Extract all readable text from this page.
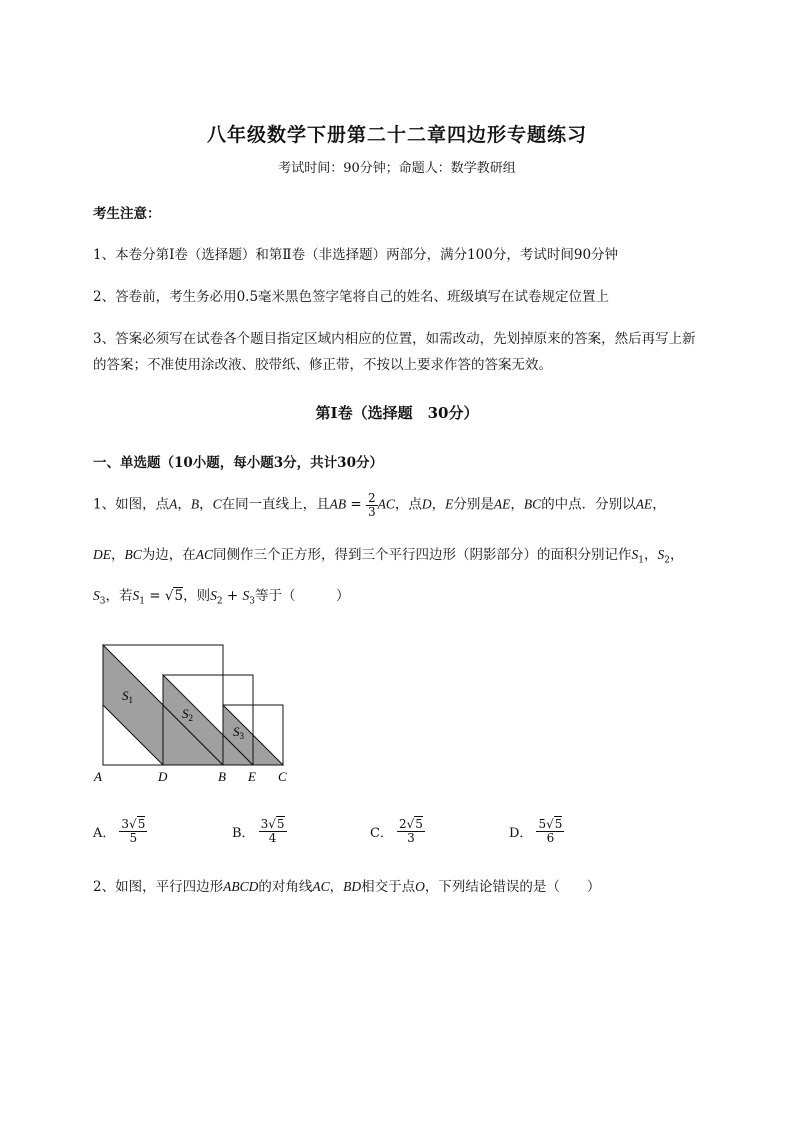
八年级数学下册第二十二章四边形专题练习
考试时间：90分钟；命题人：数学教研组
考生注意：
1、本卷分第I卷（选择题）和第Ⅱ卷（非选择题）两部分，满分100分，考试时间90分钟
2、答卷前，考生务必用0.5毫米黑色签字笔将自己的姓名、班级填写在试卷规定位置上
3、答案必须写在试卷各个题目指定区域内相应的位置，如需改动，先划掉原来的答案，然后再写上新
的答案；不准使用涂改液、胶带纸、修正带，不按以上要求作答的答案无效。
第I卷（选择题　30分）
一、单选题（10小题，每小题3分，共计30分）
1、如图，点A，B，C在同一直线上，且AB = $\frac{2}{3}$ AC，点D，E分别是AE，BC的中点．分别以AE，
DE，BC为边，在AC同侧作三个正方形，得到三个平行四边形（阴影部分）的面积分别记作$S_1$，$S_2$，
$S_3$，若$S_1 = √5$，则$S_2 + S_3$等于（　　　）
$S_1$
$S_2$
$S_3$
A	D	B E C
A． $\frac{3√5}{5}$	B． $\frac{3√5}{4}$	C． $\frac{2√5}{3}$	D． $\frac{5√5}{6}$
2、如图，平行四边形ABCD的对角线AC，BD相交于点O，下列结论错误的是（　　）
